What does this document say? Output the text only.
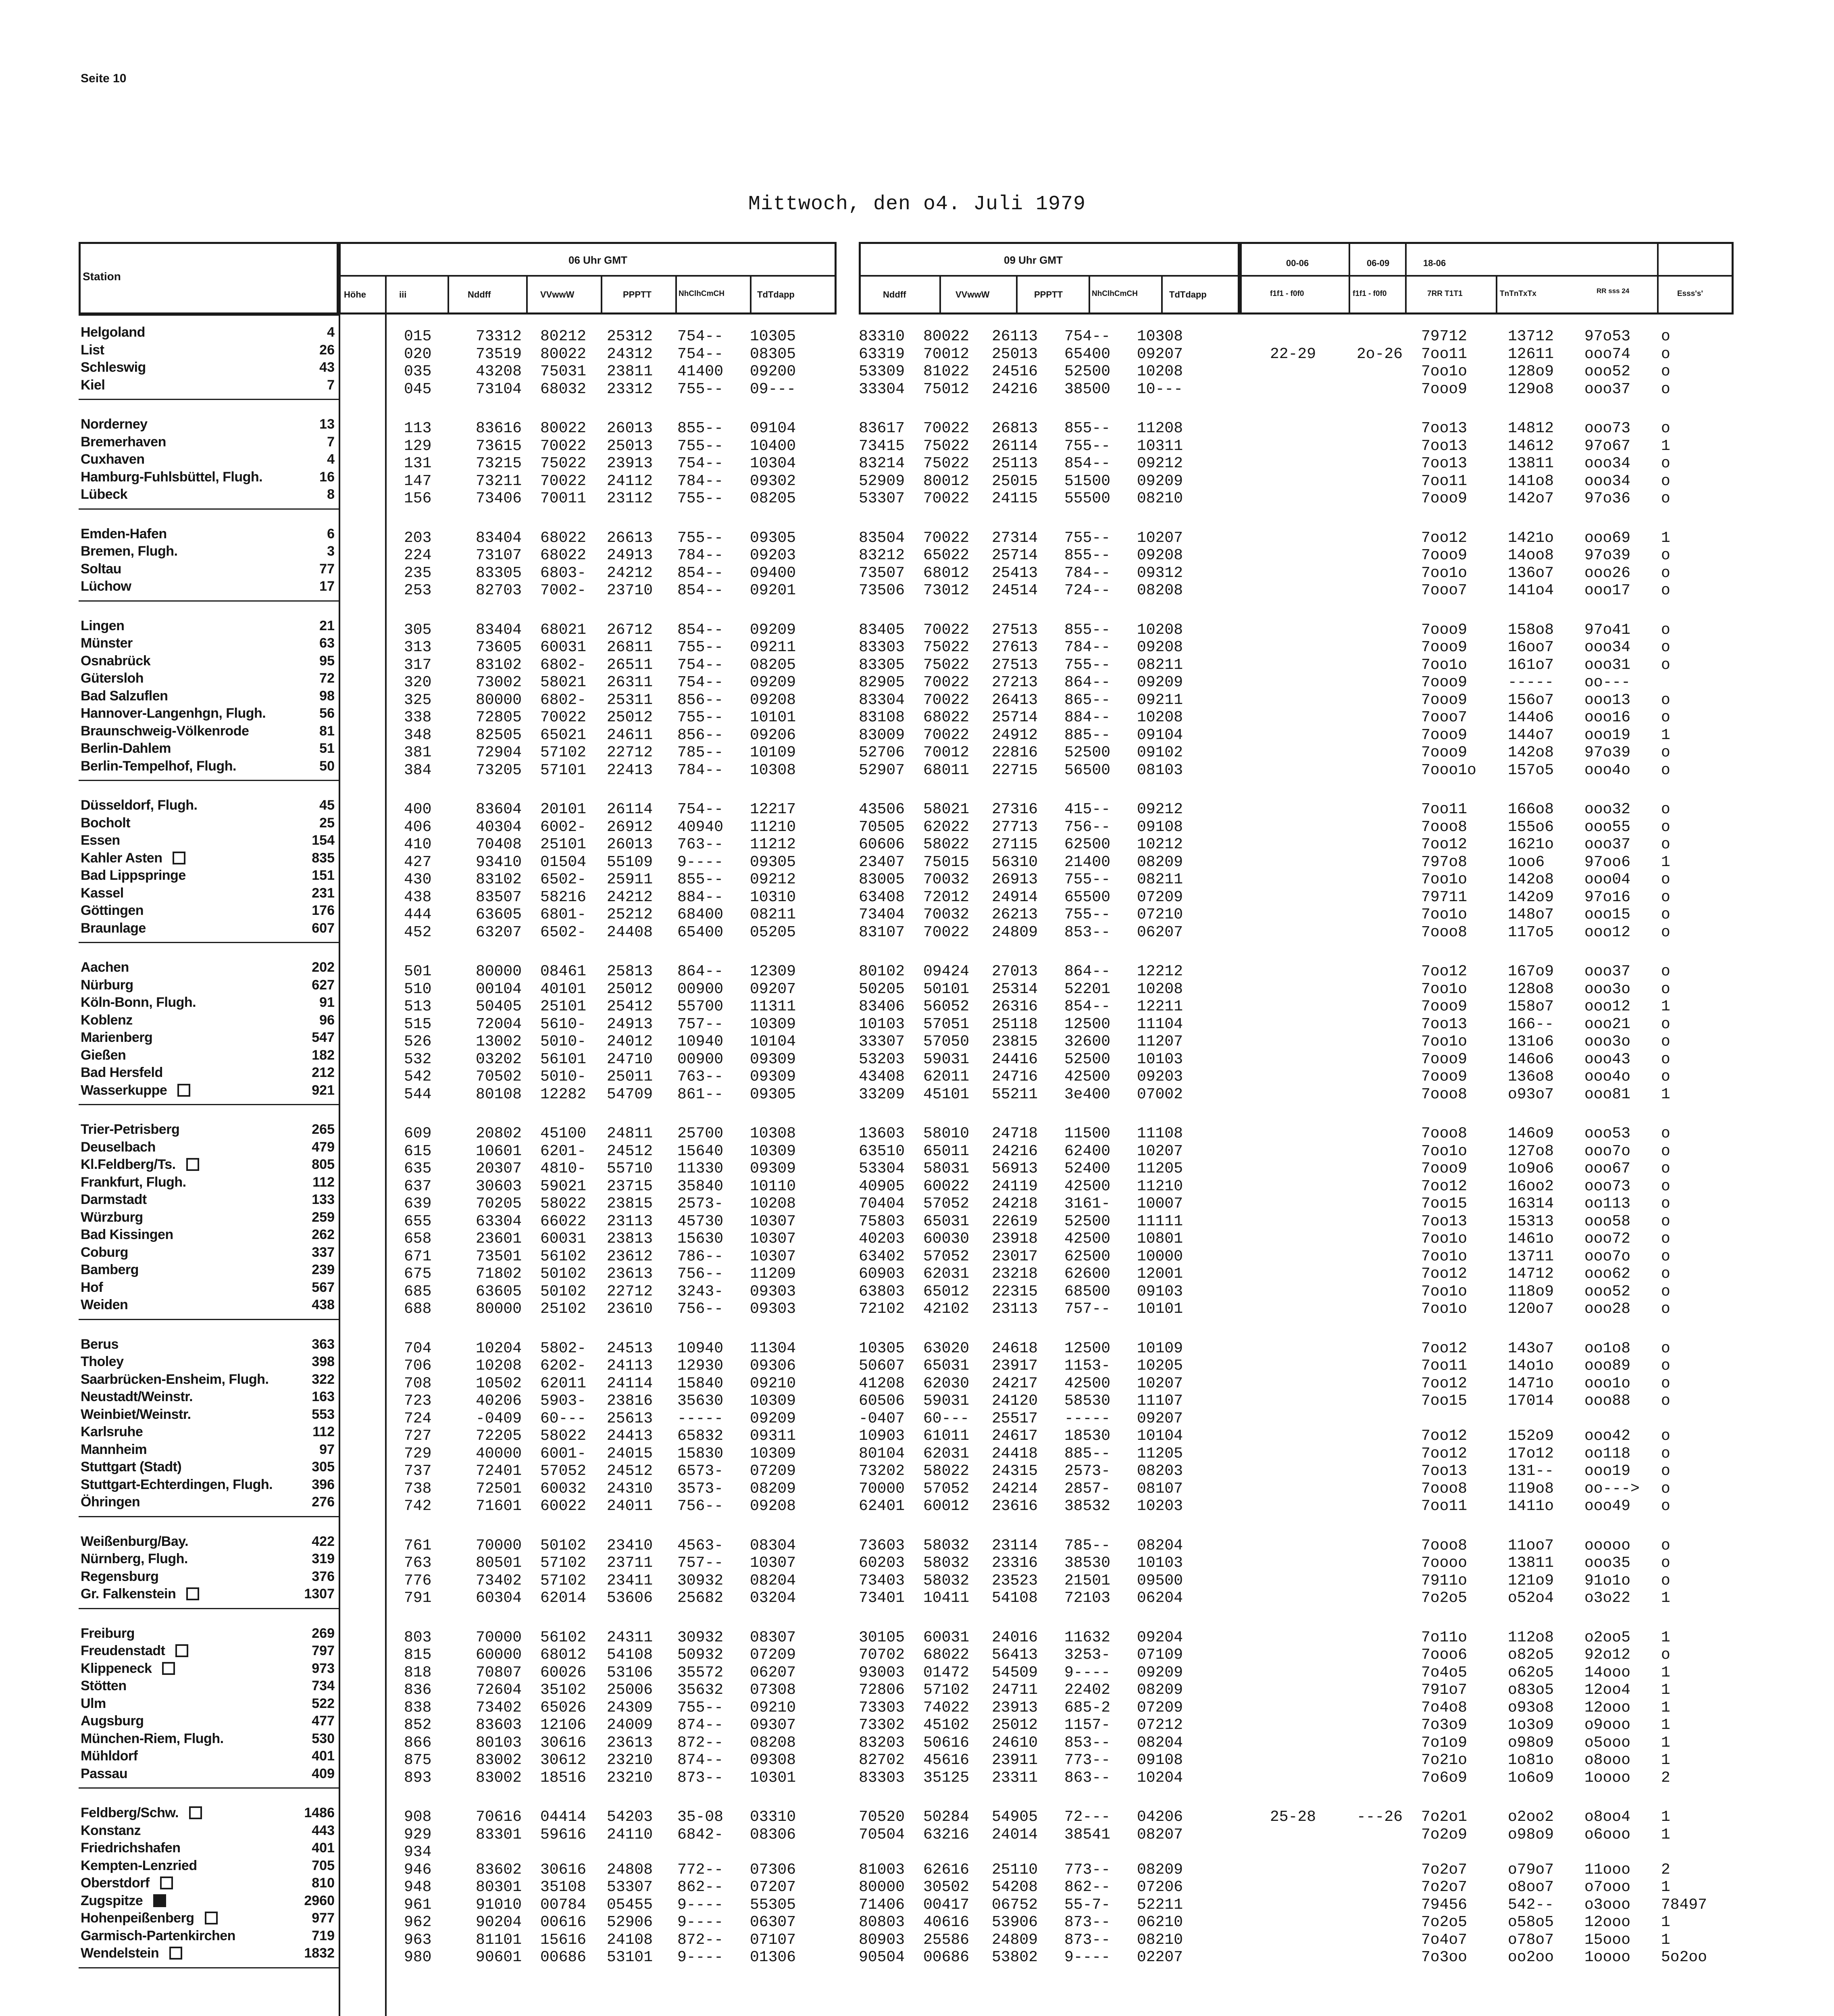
Seite 10
Mittwoch, den o4. Juli 1979
Station
06 Uhr GMT
Höhe	iii	Nddff	VVwwW	PPPTT	NhClhCmCH	TdTdapp
09 Uhr GMT
Nddff	VVwwW	PPPTT	NhClhCmCH	TdTdapp
00-06	06-09	18-06
f1f1 - f0f0	f1f1 - f0f0	7RR T1T1	TnTnTxTx	RR sss 24	Esss's'
Helgoland	4	015	73312 80212 25312 754-- 10305	83310 80022 26113 754-- 10308	79712	13712 97o53 o
List	26	020	73519 80022 24312 754-- 08305	63319 70012 25013 65400 09207	22-29	2o-26 7oo11	12611 ooo74 o
Schleswig	43	035	43208 75031 23811 41400 09200	53309 81022 24516 52500 10208	7oo1o	128o9 ooo52 o
Kiel	7	045	73104 68032 23312 755-- 09---	33304 75012 24216 38500 10---	7ooo9	129o8 ooo37 o
Norderney	13	113	83616 80022 26013 855-- 09104	83617 70022 26813 855-- 11208	7oo13	14812 ooo73 o
Bremerhaven	7	129	73615 70022 25013 755-- 10400	73415 75022 26114 755-- 10311	7oo13	14612 97o67 1
Cuxhaven	4	131	73215 75022 23913 754-- 10304	83214 75022 25113 854-- 09212	7oo13	13811 ooo34 o
Hamburg-Fuhlsbüttel, Flugh.	16	147	73211 70022 24112 784-- 09302	52909 80012 25015 51500 09209	7oo11	141o8 ooo34 o
Lübeck	8	156	73406 70011 23112 755-- 08205	53307 70022 24115 55500 08210	7ooo9	142o7 97o36 o
Emden-Hafen	6	203	83404 68022 26613 755-- 09305	83504 70022 27314 755-- 10207	7oo12	1421o ooo69 1
Bremen, Flugh.	3	224	73107 68022 24913 784-- 09203	83212 65022 25714 855-- 09208	7ooo9	14oo8 97o39 o
Soltau	77	235	83305 6803- 24212 854-- 09400	73507 68012 25413 784-- 09312	7oo1o	136o7 ooo26 o
Lüchow	17	253	82703 7002- 23710 854-- 09201	73506 73012 24514 724-- 08208	7ooo7	141o4 ooo17 o
Lingen	21	305	83404 68021 26712 854-- 09209	83405 70022 27513 855-- 10208	7ooo9	158o8 97o41 o
Münster	63	313	73605 60031 26811 755-- 09211	83303 75022 27613 784-- 09208	7ooo9	16oo7 ooo34 o
Osnabrück	95	317	83102 6802- 26511 754-- 08205	83305 75022 27513 755-- 08211	7oo1o	161o7 ooo31 o
Gütersloh	72	320	73002 58021 26311 754-- 09209	82905 70022 27213 864-- 09209	7ooo9	----- oo---
Bad Salzuflen	98	325	80000 6802- 25311 856-- 09208	83304 70022 26413 865-- 09211	7ooo9	156o7 ooo13 o
Hannover-Langenhgn, Flugh.	56	338	72805 70022 25012 755-- 10101	83108 68022 25714 884-- 10208	7ooo7	144o6 ooo16 o
Braunschweig-Völkenrode	81	348	82505 65021 24611 856-- 09206	83009 70022 24912 885-- 09104	7ooo9	144o7 ooo19 1
Berlin-Dahlem	51	381	72904 57102 22712 785-- 10109	52706 70012 22816 52500 09102	7ooo9	142o8 97o39 o
Berlin-Tempelhof, Flugh.	50	384	73205 57101 22413 784-- 10308	52907 68011 22715 56500 08103	7ooo1o 157o5 ooo4o o
Düsseldorf, Flugh.	45	400	83604 20101 26114 754-- 12217	43506 58021 27316 415-- 09212	7oo11	166o8 ooo32 o
Bocholt	25	406	40304 6002- 26912 40940 11210	70505 62022 27713 756-- 09108	7ooo8	155o6 ooo55 o
Essen	154	410	70408 25101 26013 763-- 11212	60606 58022 27115 62500 10212	7oo12	1621o ooo37 o
Kahler Asten	835	427	93410 01504 55109 9---- 09305	23407 75015 56310 21400 08209	797o8	1oo6	97oo6 1
Bad Lippspringe	151	430	83102 6502- 25911 855-- 09212	83005 70032 26913 755-- 08211	7oo1o	142o8 ooo04 o
Kassel	231	438	83507 58216 24212 884-- 10310	63408 72012 24914 65500 07209	79711	142o9 97o16 o
Göttingen	176	444	63605 6801- 25212 68400 08211	73404 70032 26213 755-- 07210	7oo1o	148o7 ooo15 o
Braunlage	607	452	63207 6502- 24408 65400 05205	83107 70022 24809 853-- 06207	7ooo8	117o5 ooo12 o
Aachen	202	501	80000 08461 25813 864-- 12309	80102 09424 27013 864-- 12212	7oo12	167o9 ooo37 o
Nürburg	627	510	00104 40101 25012 00900 09207	50205 50101 25314 52201 10208	7oo1o	128o8 ooo3o o
Köln-Bonn, Flugh.	91	513	50405 25101 25412 55700 11311	83406 56052 26316 854-- 12211	7ooo9	158o7 ooo12 1
Koblenz	96	515	72004 5610- 24913 757-- 10309	10103 57051 25118 12500 11104	7oo13	166-- ooo21 o
Marienberg	547	526	13002 5010- 24012 10940 10104	33307 57050 23815 32600 11207	7oo1o	131o6 ooo3o o
Gießen	182	532	03202 56101 24710 00900 09309	53203 59031 24416 52500 10103	7ooo9	146o6 ooo43 o
Bad Hersfeld	212	542	70502 5010- 25011 763-- 09309	43408 62011 24716 42500 09203	7ooo9	136o8 ooo4o o
Wasserkuppe	921	544	80108 12282 54709 861-- 09305	33209 45101 55211 3e400 07002	7ooo8	o93o7 ooo81 1
Trier-Petrisberg	265	609	20802 45100 24811 25700 10308	13603 58010 24718 11500 11108	7ooo8	146o9 ooo53 o
Deuselbach	479	615	10601 6201- 24512 15640 10309	63510 65011 24216 62400 10207	7oo1o	127o8 ooo7o o
Kl.Feldberg/Ts.	805	635	20307 4810- 55710 11330 09309	53304 58031 56913 52400 11205	7ooo9	1o9o6 ooo67 o
Frankfurt, Flugh.	112	637	30603 59021 23715 35840 10110	40905 60022 24119 42500 11210	7oo12	16oo2 ooo73 o
Darmstadt	133	639	70205 58022 23815 2573- 10208	70404 57052 24218 3161- 10007	7oo15	16314 oo113 o
Würzburg	259	655	63304 66022 23113 45730 10307	75803 65031 22619 52500 11111	7oo13	15313 ooo58 o
Bad Kissingen	262	658	23601 60031 23813 15630 10307	40203 60030 23918 42500 10801	7oo1o	1461o ooo72 o
Coburg	337	671	73501 56102 23612 786-- 10307	63402 57052 23017 62500 10000	7oo1o	13711 ooo7o o
Bamberg	239	675	71802 50102 23613 756-- 11209	60903 62031 23218 62600 12001	7oo12	14712 ooo62 o
Hof	567	685	63605 50102 22712 3243- 09303	63803 65012 22315 68500 09103	7oo1o	118o9 ooo52 o
Weiden	438	688	80000 25102 23610 756-- 09303	72102 42102 23113 757-- 10101	7oo1o	120o7 ooo28 o
Berus	363	704	10204 5802- 24513 10940 11304	10305 63020 24618 12500 10109	7oo12	143o7 oo1o8 o
Tholey	398	706	10208 6202- 24113 12930 09306	50607 65031 23917 1153- 10205	7oo11	14o1o ooo89 o
Saarbrücken-Ensheim, Flugh.	322	708	10502 62011 24114 15840 09210	41208 62030 24217 42500 10207	7oo12	1471o ooo1o o
Neustadt/Weinstr.	163	723	40206 5903- 23816 35630 10309	60506 59031 24120 58530 11107	7oo15	17014 ooo88 o
Weinbiet/Weinstr.	553	724	-0409 60--- 25613 ----- 09209	-0407 60--- 25517 ----- 09207
Karlsruhe	112	727	72205 58022 24413 65832 09311	10903 61011 24617 18530 10104	7oo12	152o9 ooo42 o
Mannheim	97	729	40000 6001- 24015 15830 10309	80104 62031 24418 885-- 11205	7oo12	17o12 oo118 o
Stuttgart (Stadt)	305	737	72401 57052 24512 6573- 07209	73202 58022 24315 2573- 08203	7oo13	131-- ooo19 o
Stuttgart-Echterdingen, Flugh.	396	738	72501 60032 24310 3573- 08209	70000 57052 24214 2857- 08107	7ooo8	119o8 oo---> o
Öhringen	276	742	71601 60022 24011 756-- 09208	62401 60012 23616 38532 10203	7oo11	1411o ooo49 o
Weißenburg/Bay.	422	761	70000 50102 23410 4563- 08304	73603 58032 23114 785-- 08204	7ooo8	11oo7 ooooo o
Nürnberg, Flugh.	319	763	80501 57102 23711 757-- 10307	60203 58032 23316 38530 10103	7oooo	13811 ooo35 o
Regensburg	376	776	73402 57102 23411 30932 08204	73403 58032 23523 21501 09500	7911o	121o9 91o1o o
Gr. Falkenstein	1307	791	60304 62014 53606 25682 03204	73401 10411 54108 72103 06204	7o2o5	o52o4 o3o22 1
Freiburg	269	803	70000 56102 24311 30932 08307	30105 60031 24016 11632 09204	7o11o	112o8 o2oo5 1
Freudenstadt	797	815	60000 68012 54108 50932 07209	70702 68022 56413 3253- 07109	7ooo6	o82o5 92o12 o
Klippeneck	973	818	70807 60026 53106 35572 06207	93003 01472 54509 9---- 09209	7o4o5	o62o5 14ooo 1
Stötten	734	836	72604 35102 25006 35632 07308	72806 57102 24711 22402 08209	791o7	o83o5 12oo4 1
Ulm	522	838	73402 65026 24309 755-- 09210	73303 74022 23913 685-2 07209	7o4o8	o93o8 12ooo 1
Augsburg	477	852	83603 12106 24009 874-- 09307	73302 45102 25012 1157- 07212	7o3o9	1o3o9 o9ooo 1
München-Riem, Flugh.	530	866	80103 30616 23613 872-- 08208	83203 50616 24610 853-- 08204	7o1o9	o98o9 o5ooo 1
Mühldorf	401	875	83002 30612 23210 874-- 09308	82702 45616 23911 773-- 09108	7o21o	1o81o o8ooo 1
Passau	409	893	83002 18516 23210 873-- 10301	83303 35125 23311 863-- 10204	7o6o9	1o6o9 1oooo 2
Feldberg/Schw.	1486	908	70616 04414 54203 35-08 03310	70520 50284 54905 72--- 04206	25-28	---26 7o2o1	o2oo2 o8oo4 1
Konstanz	443	929	83301 59616 24110 6842- 08306	70504 63216 24014 38541 08207	7o2o9	o98o9 o6ooo 1
Friedrichshafen	401	934
Kempten-Lenzried	705	946	83602 30616 24808 772-- 07306	81003 62616 25110 773-- 08209	7o2o7	o79o7 11ooo 2
Oberstdorf	810	948	80301 35108 53307 862-- 07207	80000 30502 54208 862-- 07206	7o2o7	o8oo7 o7ooo 1
Zugspitze	2960	961	91010 00784 05455 9---- 55305	71406 00417 06752 55-7- 52211	79456	542-- o3ooo 78497
Hohenpeißenberg	977	962	90204 00616 52906 9---- 06307	80803 40616 53906 873-- 06210	7o2o5	o58o5 12ooo 1
Garmisch-Partenkirchen	719	963	81101 15616 24108 872-- 07107	80903 25586 24809 873-- 08210	7o4o7	o78o7 15ooo 1
Wendelstein	1832	980	90601 00686 53101 9---- 01306	90504 00686 53802 9---- 02207	7o3oo	oo2oo 1oooo 5o2oo
